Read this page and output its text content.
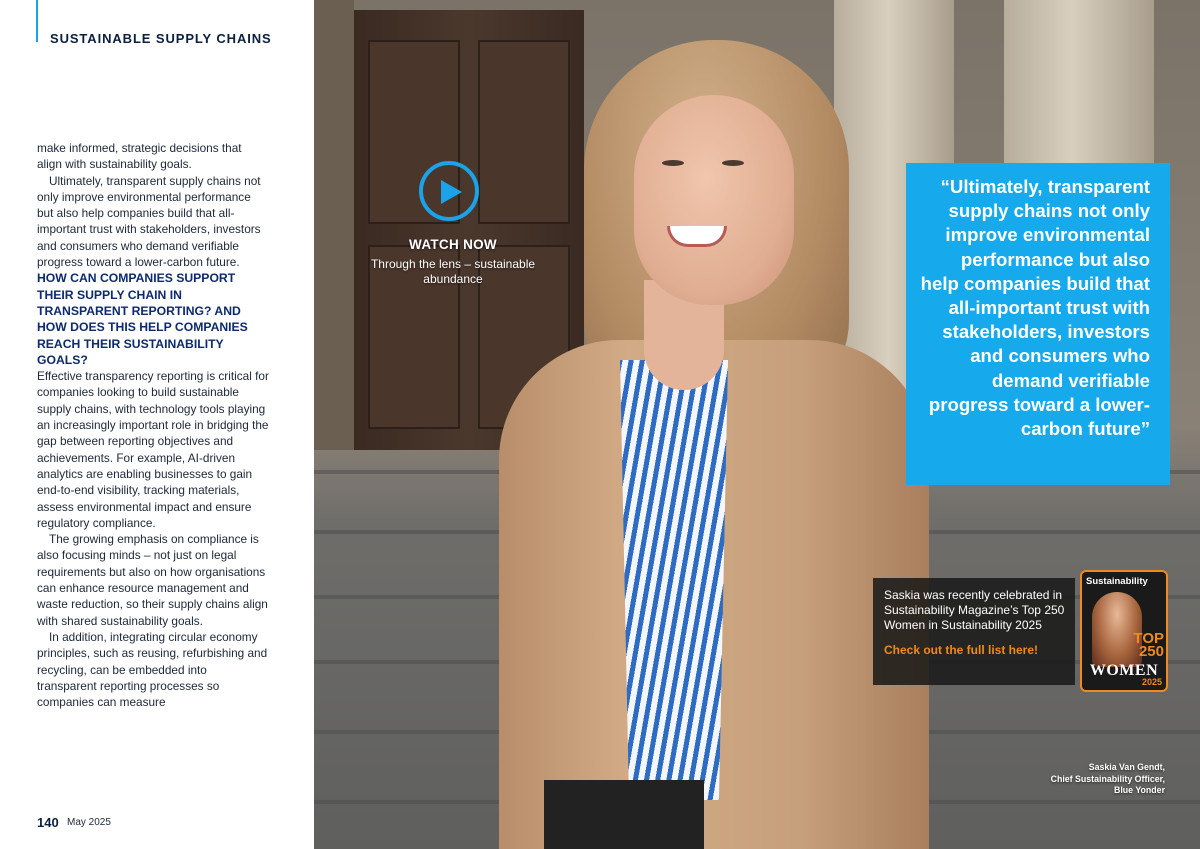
SUSTAINABLE SUPPLY CHAINS

make informed, strategic decisions that align with sustainability goals.

Ultimately, transparent supply chains not only improve environmental performance but also help companies build that all-important trust with stakeholders, investors and consumers who demand verifiable progress toward a lower-carbon future.

HOW CAN COMPANIES SUPPORT THEIR SUPPLY CHAIN IN TRANSPARENT REPORTING? AND HOW DOES THIS HELP COMPANIES REACH THEIR SUSTAINABILITY GOALS?

Effective transparency reporting is critical for companies looking to build sustainable supply chains, with technology tools playing an increasingly important role in bridging the gap between reporting objectives and achievements. For example, AI-driven analytics are enabling businesses to gain end-to-end visibility, tracking materials, assess environmental impact and ensure regulatory compliance.

The growing emphasis on compliance is also focusing minds – not just on legal requirements but also on how organisations can enhance resource management and waste reduction, so their supply chains align with shared sustainability goals.

In addition, integrating circular economy principles, such as reusing, refurbishing and recycling, can be embedded into transparent reporting processes so companies can measure

140 May 2025
WATCH NOW
Through the lens – sustainable abundance
“Ultimately, transparent supply chains not only improve environmental performance but also help companies build that all-important trust with stakeholders, investors and consumers who demand verifiable progress toward a lower-carbon future”
Saskia was recently celebrated in Sustainability Magazine’s Top 250 Women in Sustainability 2025
Check out the full list here!
Sustainability
TOP 250
WOMEN
2025
Saskia Van Gendt,
Chief Sustainability Officer,
Blue Yonder
